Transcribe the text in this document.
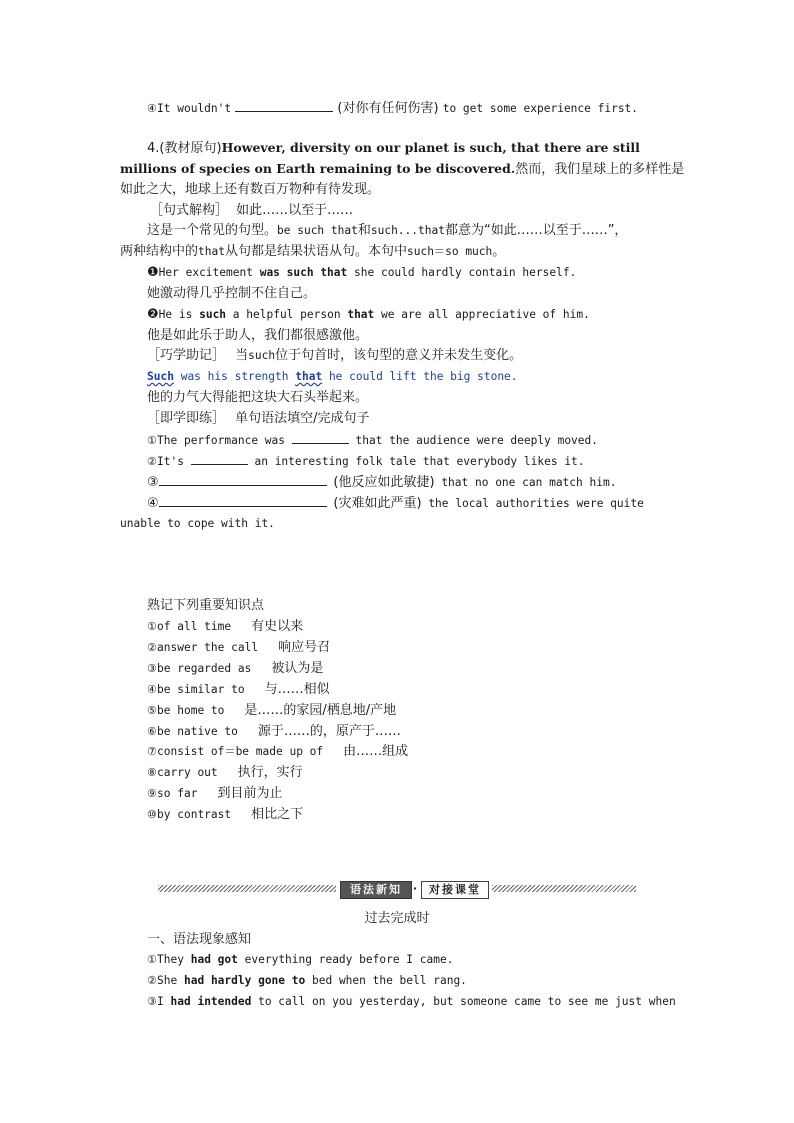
④It wouldn't	(对你有任何伤害) to get some experience first.
4.(教材原句)However, diversity on our planet is such, that there are still
millions of species on Earth remaining to be discovered.然而，我们星球上的多样性是
如此之大，地球上还有数百万物种有待发现。
［句式解构］ 如此……以至于……
这是一个常见的句型。be such that和such...that都意为“如此……以至于……”，
两种结构中的that从句都是结果状语从句。本句中such＝so much。
❶Her excitement was such that she could hardly contain herself.
她激动得几乎控制不住自己。
❷He is such a helpful person that we are all appreciative of him.
他是如此乐于助人，我们都很感激他。
［巧学助记］ 当such位于句首时，该句型的意义并未发生变化。
Such was his strength that he could lift the big stone.
他的力气大得能把这块大石头举起来。
［即学即练］ 单句语法填空/完成句子
①The performance was	that the audience were deeply moved.
②It's	an interesting folk tale that everybody likes it.
③	(他反应如此敏捷) that no one can match him.
④	(灾难如此严重) the local authorities were quite
unable to cope with it.
熟记下列重要知识点
①of all time 有史以来
②answer the call 响应号召
③be regarded as 被认为是
④be similar to 与……相似
⑤be home to 是……的家园/栖息地/产地
⑥be native to 源于……的，原产于……
⑦consist of＝be made up of 由……组成
⑧carry out 执行，实行
⑨so far 到目前为止
⑩by contrast 相比之下
语法新知 · 对接课堂
过去完成时
一、语法现象感知
①They had got everything ready before I came.
②She had hardly gone to bed when the bell rang.
③I had intended to call on you yesterday, but someone came to see me just when
